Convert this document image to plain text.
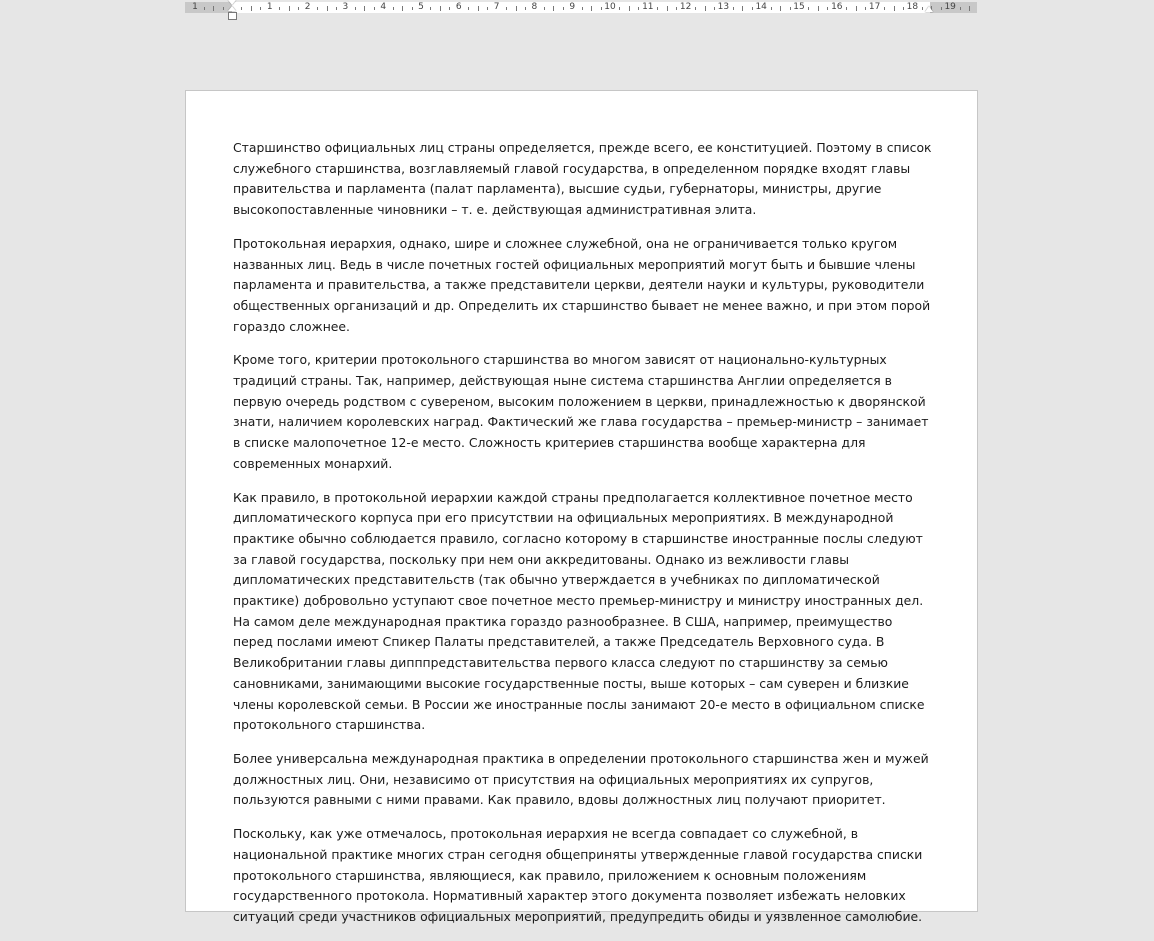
1	1	2	3	4	5	6	7	8	9	10	11	12	13	14	15	16	17	18	19

Старшинство официальных лиц страны определяется, прежде всего, ее конституцией. Поэтому в список служебного старшинства, возглавляемый главой государства, в определенном порядке входят главы правительства и парламента (палат парламента), высшие судьи, губернаторы, министры, другие высокопоставленные чиновники – т. е. действующая административная элита.

Протокольная иерархия, однако, шире и сложнее служебной, она не ограничивается только кругом названных лиц. Ведь в числе почетных гостей официальных мероприятий могут быть и бывшие члены парламента и правительства, а также представители церкви, деятели науки и культуры, руководители общественных организаций и др. Определить их старшинство бывает не менее важно, и при этом порой гораздо сложнее.

Кроме того, критерии протокольного старшинства во многом зависят от национально-культурных традиций страны. Так, например, действующая ныне система старшинства Англии определяется в первую очередь родством с сувереном, высоким положением в церкви, принадлежностью к дворянской знати, наличием королевских наград. Фактический же глава государства – премьер-министр – занимает в списке малопочетное 12-е место. Сложность критериев старшинства вообще характерна для современных монархий.

Как правило, в протокольной иерархии каждой страны предполагается коллективное почетное место дипломатического корпуса при его присутствии на официальных мероприятиях. В международной практике обычно соблюдается правило, согласно которому в старшинстве иностранные послы следуют за главой государства, поскольку при нем они аккредитованы. Однако из вежливости главы дипломатических представительств (так обычно утверждается в учебниках по дипломатической практике) добровольно уступают свое почетное место премьер-министру и министру иностранных дел. На самом деле международная практика гораздо разнообразнее. В США, например, преимущество перед послами имеют Спикер Палаты представителей, а также Председатель Верховного суда. В Великобритании главы дипппредставительства первого класса следуют по старшинству за семью сановниками, занимающими высокие государственные посты, выше которых – сам суверен и близкие члены королевской семьи. В России же иностранные послы занимают 20-е место в официальном списке протокольного старшинства.

Более универсальна международная практика в определении протокольного старшинства жен и мужей должностных лиц. Они, независимо от присутствия на официальных мероприятиях их супругов, пользуются равными с ними правами. Как правило, вдовы должностных лиц получают приоритет.

Поскольку, как уже отмечалось, протокольная иерархия не всегда совпадает со служебной, в национальной практике многих стран сегодня общеприняты утвержденные главой государства списки протокольного старшинства, являющиеся, как правило, приложением к основным положениям государственного протокола. Нормативный характер этого документа позволяет избежать неловких ситуаций среди участников официальных мероприятий, предупредить обиды и уязвленное самолюбие.
